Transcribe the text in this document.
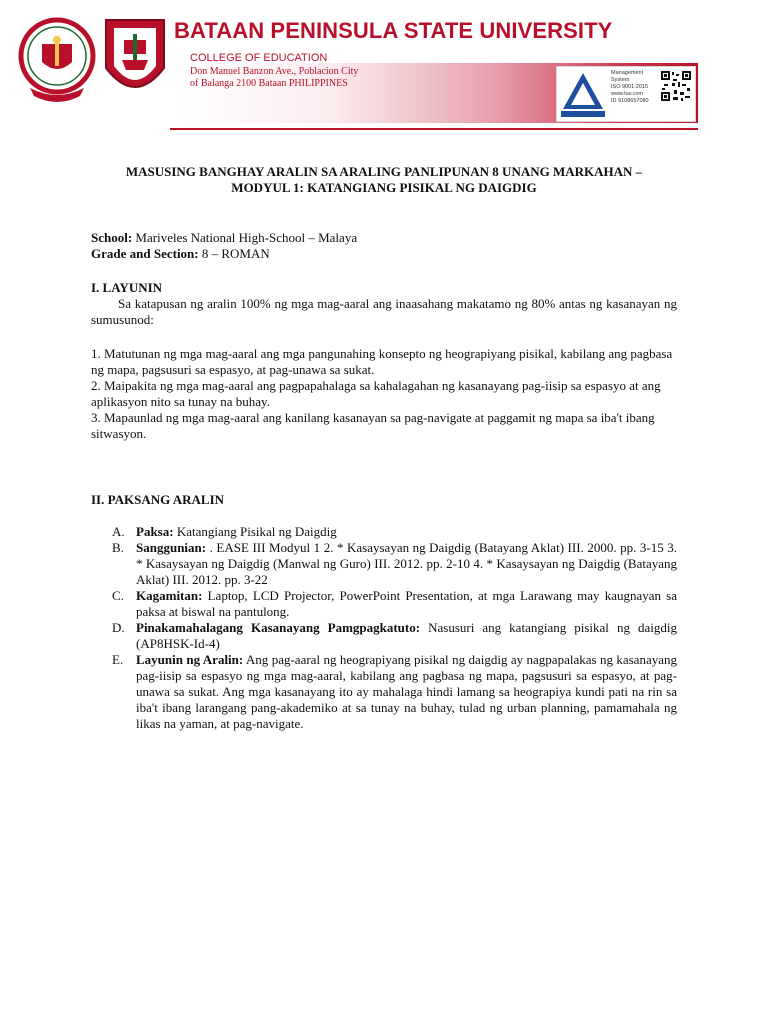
BATAAN PENINSULA STATE UNIVERSITY
COLLEGE OF EDUCATION
Don Manuel Banzon Ave., Poblacion City
of Balanga 2100 Bataan PHILIPPINES
Management
System
ISO 9001:2015
www.tuv.com
ID 9108657080
MASUSING BANGHAY ARALIN SA ARALING PANLIPUNAN 8 UNANG MARKAHAN –
MODYUL 1: KATANGIANG PISIKAL NG DAIGDIG
School: Mariveles National High-School – Malaya
Grade and Section: 8 – ROMAN
I. LAYUNIN

Sa katapusan ng aralin 100% ng mga mag-aaral ang inaasahang makatamo ng 80% antas ng kasanayan ng sumusunod:

1. Matutunan ng mga mag-aaral ang mga pangunahing konsepto ng heograpiyang pisikal, kabilang ang pagbasa ng mapa, pagsusuri sa espasyo, at pag-unawa sa sukat.
2. Maipakita ng mga mag-aaral ang pagpapahalaga sa kahalagahan ng kasanayang pag-iisip sa espasyo at ang aplikasyon nito sa tunay na buhay.
3. Mapaunlad ng mga mag-aaral ang kanilang kasanayan sa pag-navigate at paggamit ng mapa sa iba't ibang sitwasyon.
II. PAKSANG ARALIN
A. Paksa: Katangiang Pisikal ng Daigdig
B. Sanggunian: . EASE III Modyul 1 2. * Kasaysayan ng Daigdig (Batayang Aklat) III. 2000. pp. 3-15 3. * Kasaysayan ng Daigdig (Manwal ng Guro) III. 2012. pp. 2-10 4. * Kasaysayan ng Daigdig (Batayang Aklat) III. 2012. pp. 3-22
C. Kagamitan: Laptop, LCD Projector, PowerPoint Presentation, at mga Larawang may kaugnayan sa paksa at biswal na pantulong.
D. Pinakamahalagang Kasanayang Pamgpagkatuto: Nasusuri ang katangiang pisikal ng daigdig (AP8HSK-Id-4)
E. Layunin ng Aralin: Ang pag-aaral ng heograpiyang pisikal ng daigdig ay nagpapalakas ng kasanayang pag-iisip sa espasyo ng mga mag-aaral, kabilang ang pagbasa ng mapa, pagsusuri sa espasyo, at pag-unawa sa sukat. Ang mga kasanayang ito ay mahalaga hindi lamang sa heograpiya kundi pati na rin sa iba't ibang larangang pang-akademiko at sa tunay na buhay, tulad ng urban planning, pamamahala ng likas na yaman, at pag-navigate.
